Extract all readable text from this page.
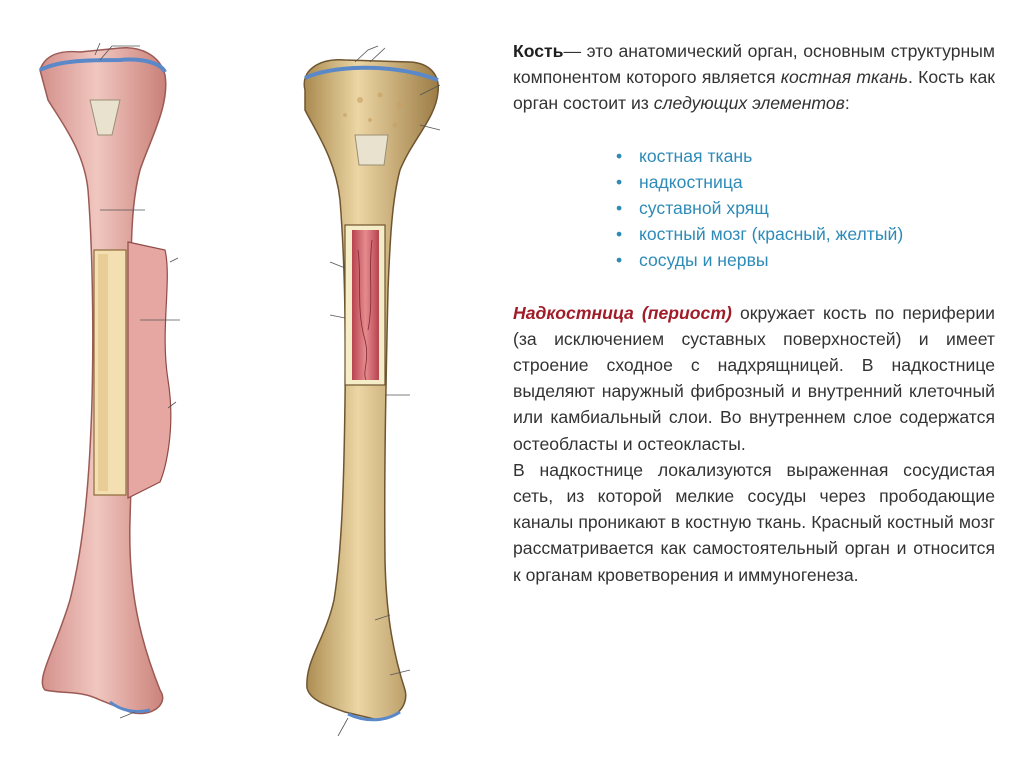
Кость— это анатомический орган, основным структурным компонентом которого является костная ткань. Кость как орган состоит из следующих элементов:

• костная ткань
• надкостница
• суставной хрящ
• костный мозг (красный, желтый)
• сосуды и нервы

Надкостница (периост) окружает кость по периферии (за исключением суставных поверхностей) и имеет строение сходное с надхрящницей. В надкостнице выделяют наружный фиброзный и внутренний клеточный или камбиальный слои. Во внутреннем слое содержатся остеобласты и остеокласты.

В надкостнице локализуются выраженная сосудистая сеть, из которой мелкие сосуды через прободающие каналы проникают в костную ткань. Красный костный мозг рассматривается как самостоятельный орган и относится к органам кроветворения и иммуногенеза.
